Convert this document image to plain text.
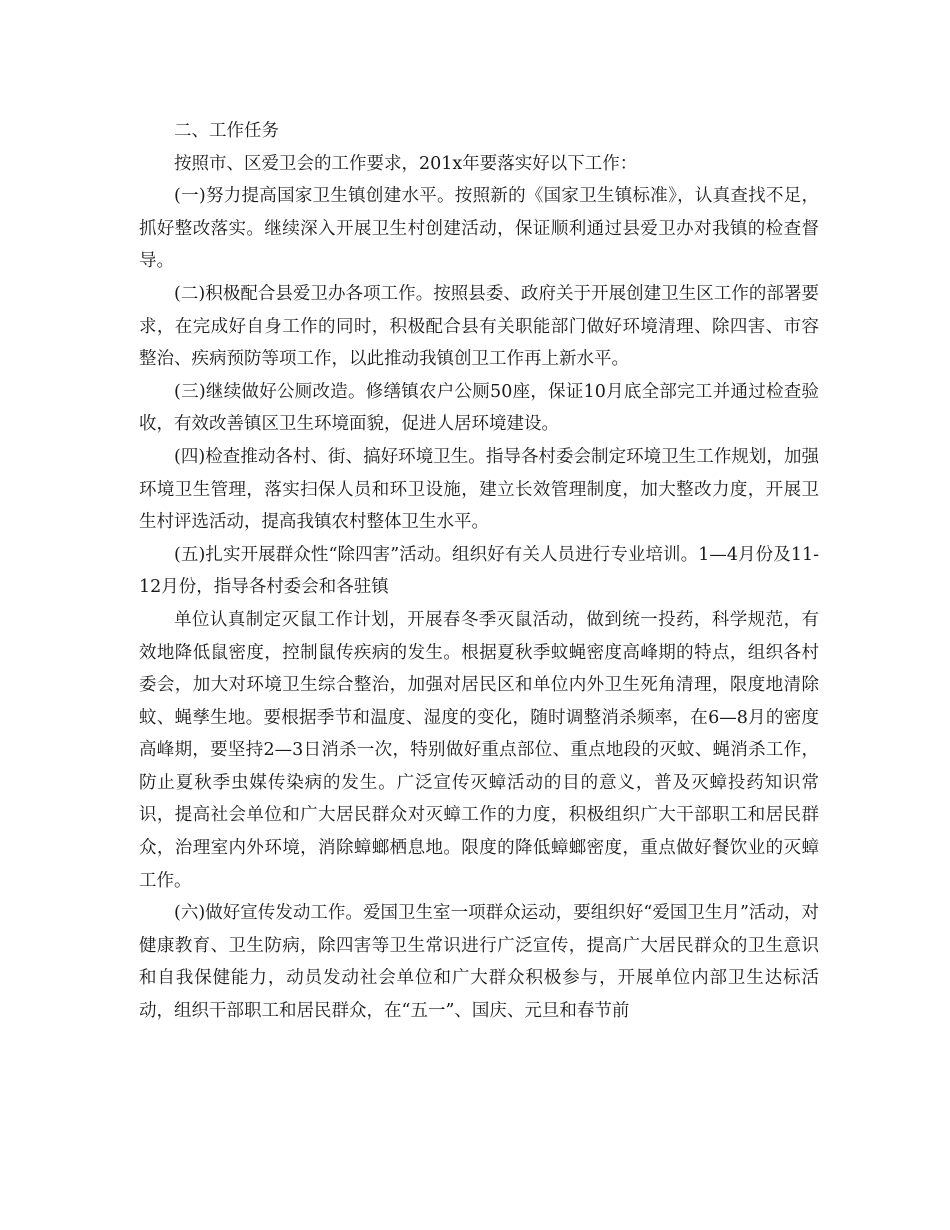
二、工作任务

按照市、区爱卫会的工作要求，201x年要落实好以下工作：

(一)努力提高国家卫生镇创建水平。按照新的《国家卫生镇标准》，认真查找不足，抓好整改落实。继续深入开展卫生村创建活动，保证顺利通过县爱卫办对我镇的检查督导。

(二)积极配合县爱卫办各项工作。按照县委、政府关于开展创建卫生区工作的部署要求，在完成好自身工作的同时，积极配合县有关职能部门做好环境清理、除四害、市容整治、疾病预防等项工作，以此推动我镇创卫工作再上新水平。

(三)继续做好公厕改造。修缮镇农户公厕50座，保证10月底全部完工并通过检查验收，有效改善镇区卫生环境面貌，促进人居环境建设。

(四)检查推动各村、街、搞好环境卫生。指导各村委会制定环境卫生工作规划，加强环境卫生管理，落实扫保人员和环卫设施，建立长效管理制度，加大整改力度，开展卫生村评选活动，提高我镇农村整体卫生水平。

(五)扎实开展群众性“除四害”活动。组织好有关人员进行专业培训。1—4月份及11-12月份，指导各村委会和各驻镇

单位认真制定灭鼠工作计划，开展春冬季灭鼠活动，做到统一投药，科学规范，有效地降低鼠密度，控制鼠传疾病的发生。根据夏秋季蚊蝇密度高峰期的特点，组织各村委会，加大对环境卫生综合整治，加强对居民区和单位内外卫生死角清理，限度地清除蚊、蝇孳生地。要根据季节和温度、湿度的变化，随时调整消杀频率，在6—8月的密度高峰期，要坚持2—3日消杀一次，特别做好重点部位、重点地段的灭蚊、蝇消杀工作，防止夏秋季虫媒传染病的发生。广泛宣传灭蟑活动的目的意义，普及灭蟑投药知识常识，提高社会单位和广大居民群众对灭蟑工作的力度，积极组织广大干部职工和居民群众，治理室内外环境，消除蟑螂栖息地。限度的降低蟑螂密度，重点做好餐饮业的灭蟑工作。

(六)做好宣传发动工作。爱国卫生室一项群众运动，要组织好“爱国卫生月”活动，对健康教育、卫生防病，除四害等卫生常识进行广泛宣传，提高广大居民群众的卫生意识和自我保健能力，动员发动社会单位和广大群众积极参与，开展单位内部卫生达标活动，组织干部职工和居民群众，在“五一”、国庆、元旦和春节前
